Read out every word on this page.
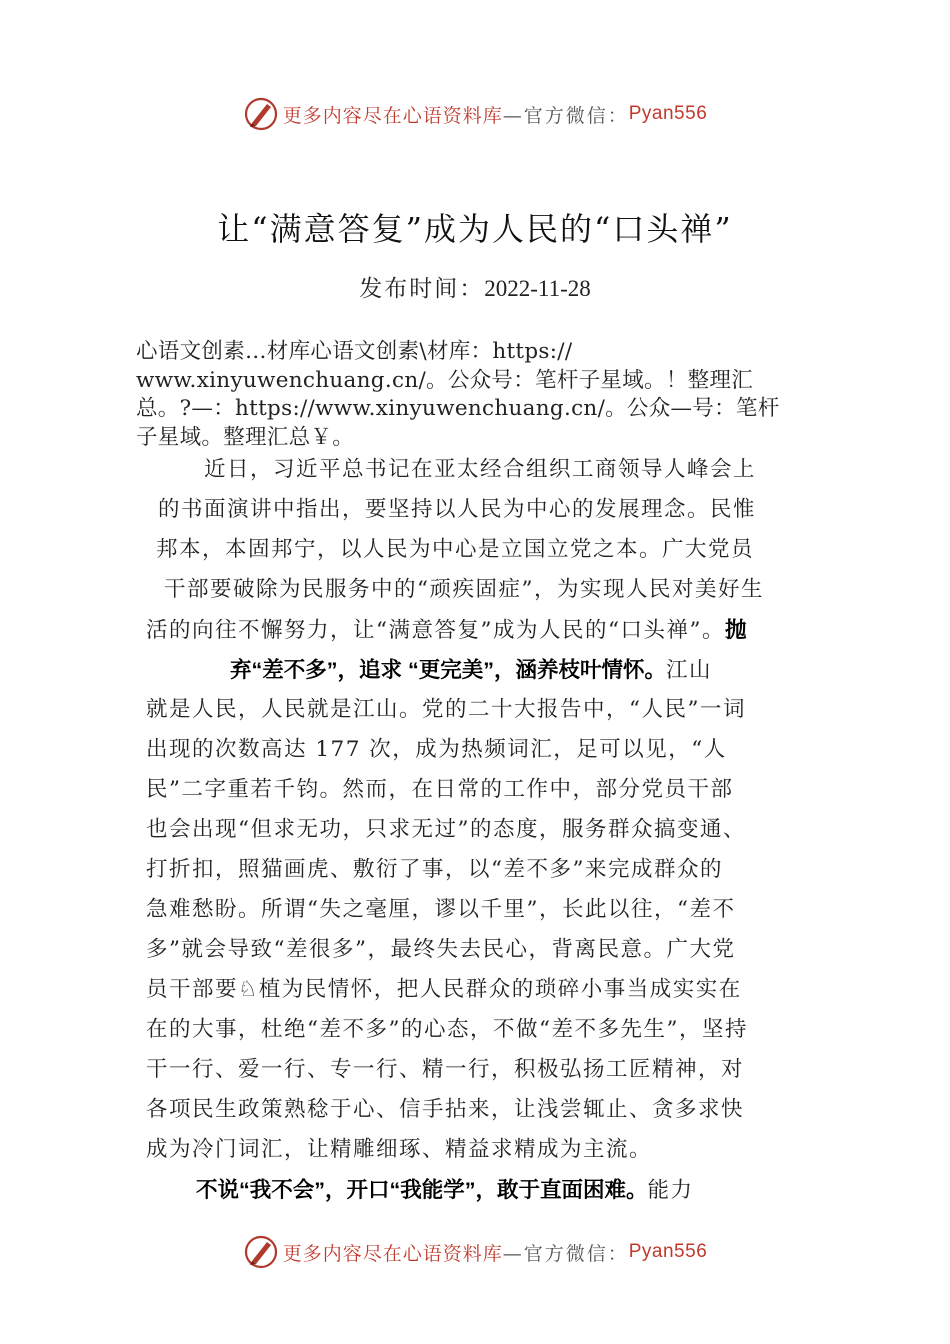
更多内容尽在心语资料库 —官方微信： Pyan556
让“满意答复”成为人民的“口头禅”
发布时间：2022-11-28
心语文创素…材库心语文创素\材库：https://
www.xinyuwenchuang.cn/。公众号：笔杆子星域。！整理汇
总。?—：https://www.xinyuwenchuang.cn/。公众—号：笔杆
子星域。整理汇总￥。
近日，习近平总书记在亚太经合组织工商领导人峰会上
的书面演讲中指出，要坚持以人民为中心的发展理念。民惟
邦本，本固邦宁，以人民为中心是立国立党之本。广大党员
干部要破除为民服务中的“顽疾固症”，为实现人民对美好生
活的向往不懈努力，让“满意答复”成为人民的“口头禅”。抛
弃“差不多”，追求 “更完美”，涵养枝叶情怀。江山
就是人民，人民就是江山。党的二十大报告中，“人民”一词
出现的次数高达 177 次，成为热频词汇，足可以见，“人
民”二字重若千钧。然而，在日常的工作中，部分党员干部
也会出现“但求无功，只求无过”的态度，服务群众搞变通、
打折扣，照猫画虎、敷衍了事，以“差不多”来完成群众的
急难愁盼。所谓“失之毫厘，谬以千里”，长此以往，“差不
多”就会导致“差很多”，最终失去民心，背离民意。广大党
员干部要♘植为民情怀，把人民群众的琐碎小事当成实实在
在的大事，杜绝“差不多”的心态，不做“差不多先生”，坚持
干一行、爱一行、专一行、精一行，积极弘扬工匠精神，对
各项民生政策熟稔于心、信手拈来，让浅尝辄止、贪多求快
成为冷门词汇，让精雕细琢、精益求精成为主流。
不说“我不会”，开口“我能学”，敢于直面困难。能力
更多内容尽在心语资料库 —官方微信： Pyan556
